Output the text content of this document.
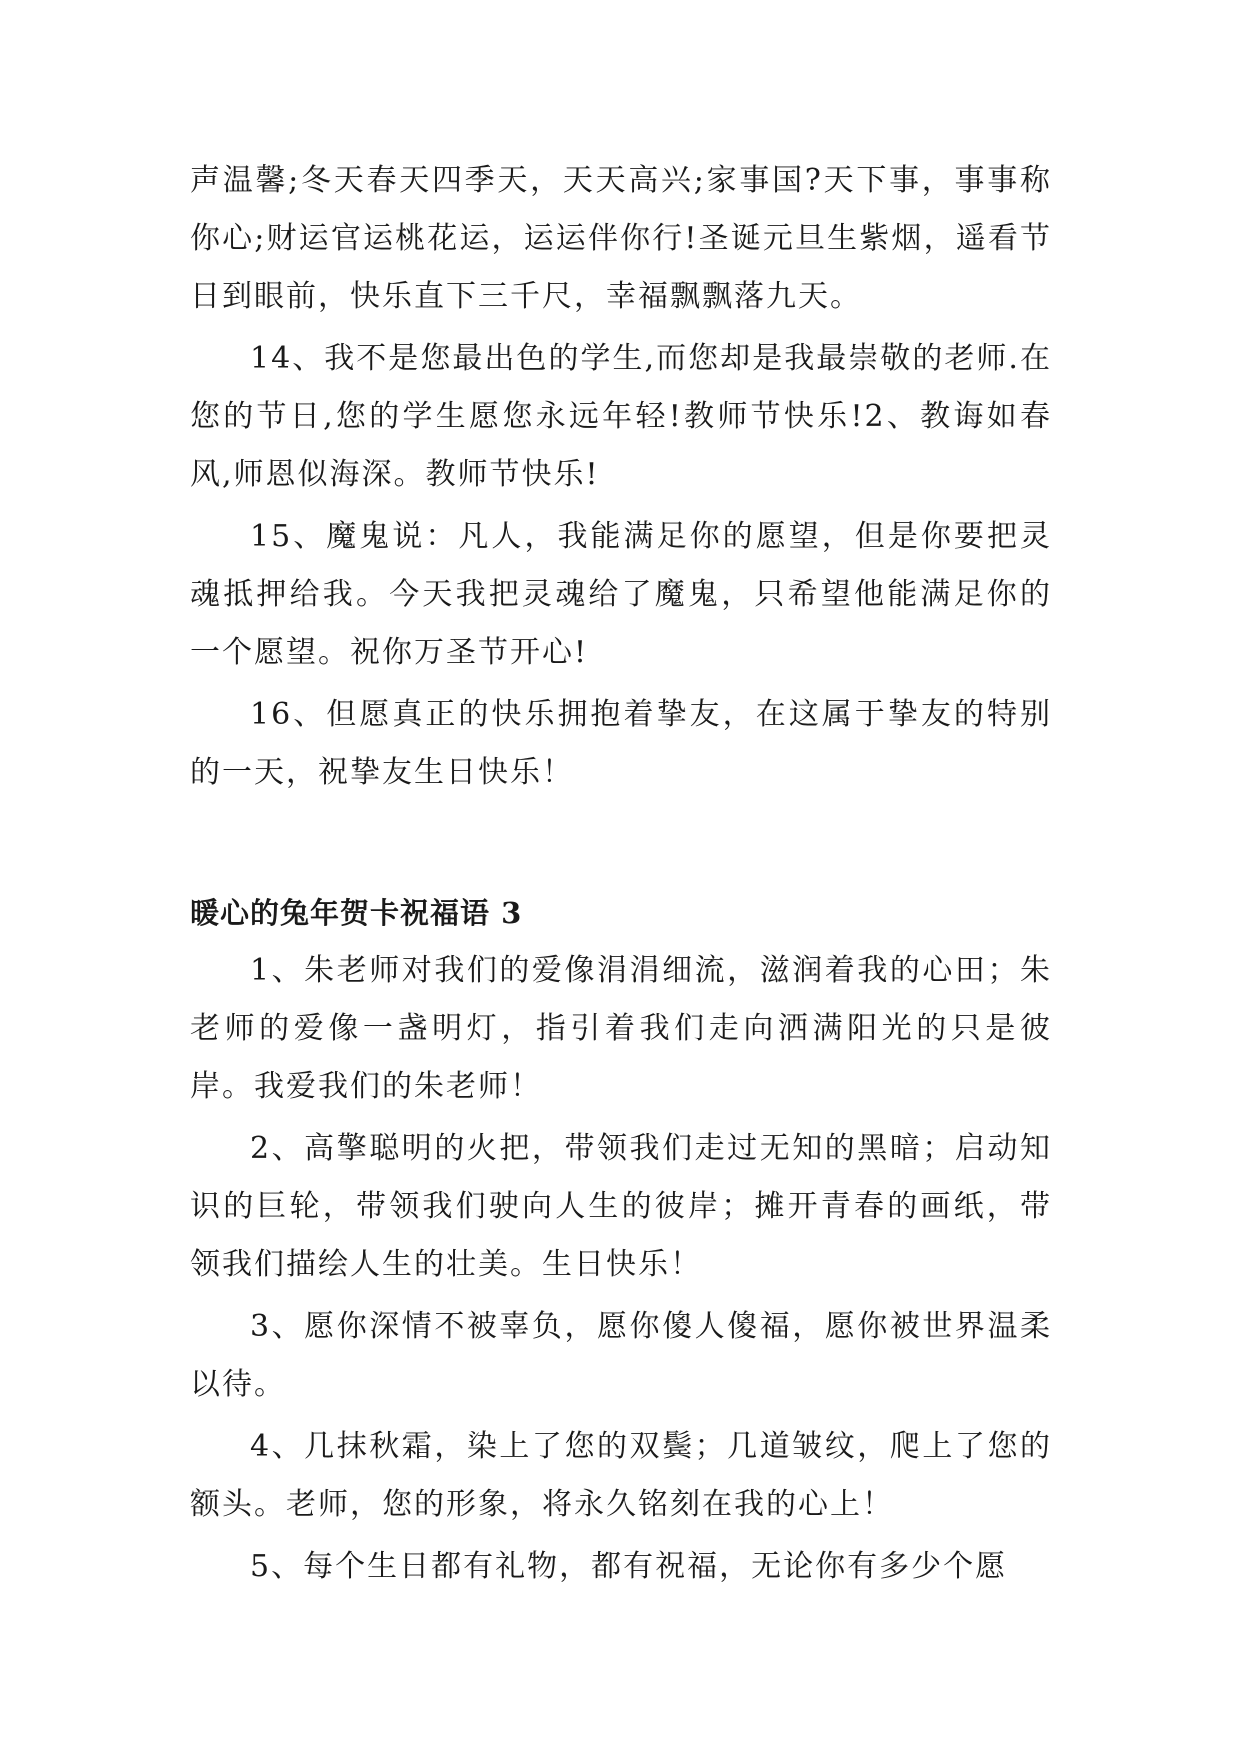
声温馨;冬天春天四季天，天天高兴;家事国?天下事，事事称你心;财运官运桃花运，运运伴你行!圣诞元旦生紫烟，遥看节日到眼前，快乐直下三千尺，幸福飘飘落九天。

14、我不是您最出色的学生,而您却是我最崇敬的老师.在您的节日,您的学生愿您永远年轻!教师节快乐!2、教诲如春风,师恩似海深。教师节快乐!

15、魔鬼说：凡人，我能满足你的愿望，但是你要把灵魂抵押给我。今天我把灵魂给了魔鬼，只希望他能满足你的一个愿望。祝你万圣节开心!

16、但愿真正的快乐拥抱着挚友，在这属于挚友的特别的一天，祝挚友生日快乐！

暖心的兔年贺卡祝福语 3

1、朱老师对我们的爱像涓涓细流，滋润着我的心田；朱老师的爱像一盏明灯，指引着我们走向洒满阳光的只是彼岸。我爱我们的朱老师！

2、高擎聪明的火把，带领我们走过无知的黑暗；启动知识的巨轮，带领我们驶向人生的彼岸；摊开青春的画纸，带领我们描绘人生的壮美。生日快乐！

3、愿你深情不被辜负，愿你傻人傻福，愿你被世界温柔以待。

4、几抹秋霜，染上了您的双鬓；几道皱纹，爬上了您的额头。老师，您的形象，将永久铭刻在我的心上！

5、每个生日都有礼物，都有祝福，无论你有多少个愿
